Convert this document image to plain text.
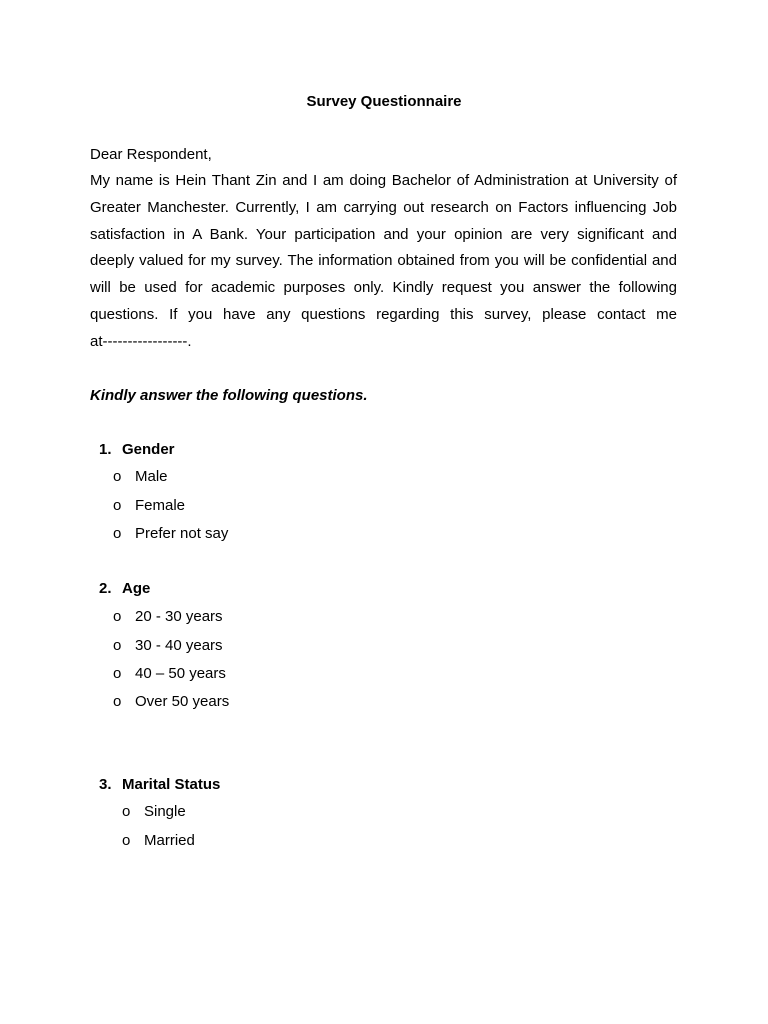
Survey Questionnaire
Dear Respondent,
My name is Hein Thant Zin and I am doing Bachelor of Administration at University of
Greater Manchester. Currently, I am carrying out research on Factors influencing Job
satisfaction in A Bank. Your participation and your opinion are very significant and
deeply valued for my survey. The information obtained from you will be confidential and
will be used for academic purposes only. Kindly request you answer the following
questions. If you have any questions regarding this survey, please contact me
at-----------------.
Kindly answer the following questions.
1. Gender
o Male
o Female
o Prefer not say
2. Age
o 20 - 30 years
o 30 - 40 years
o 40 – 50 years
o Over 50 years
3. Marital Status
o Single
o Married
